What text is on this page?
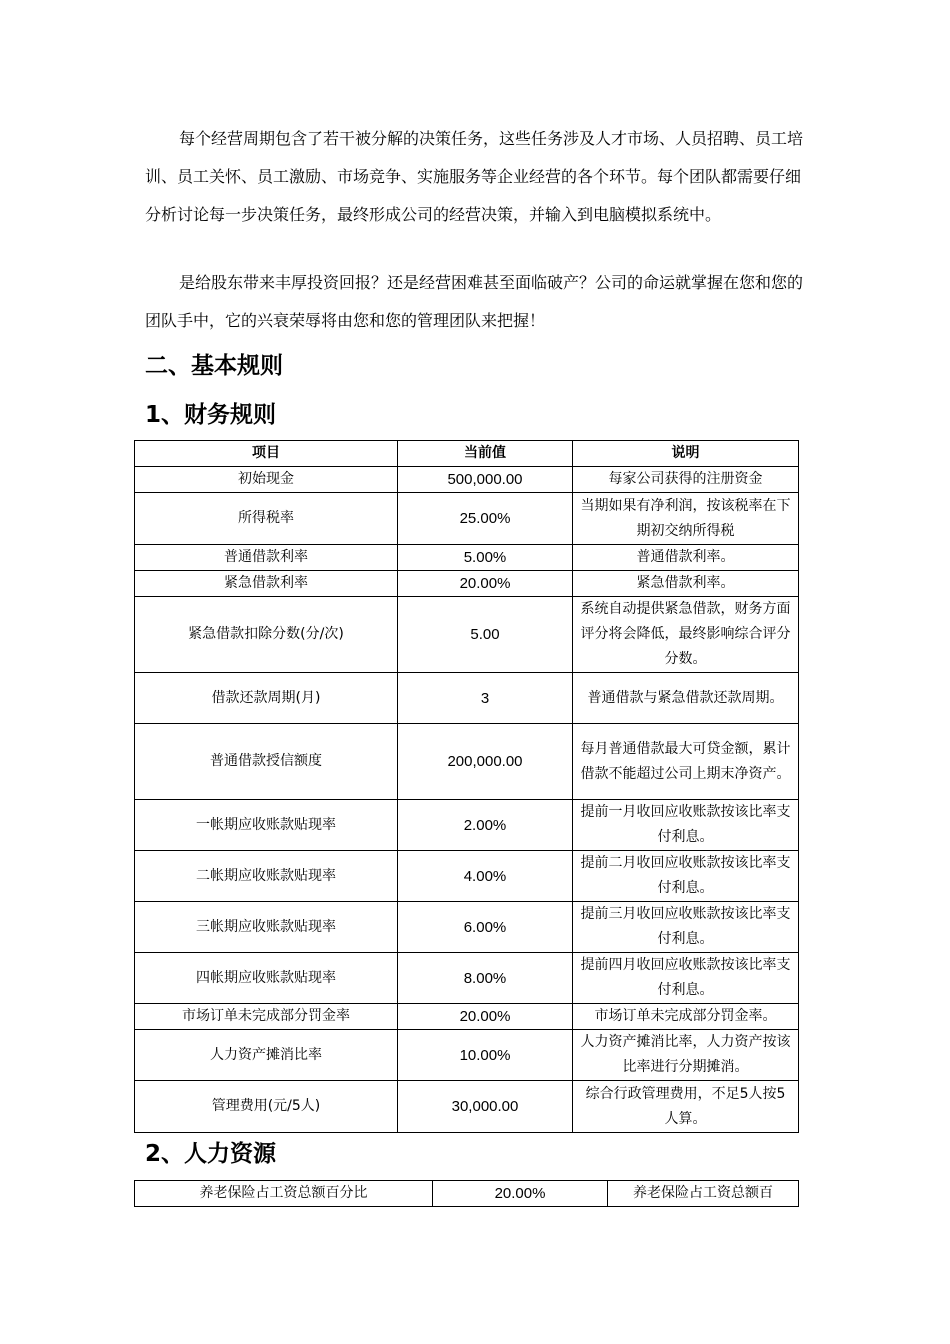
每个经营周期包含了若干被分解的决策任务，这些任务涉及人才市场、人员招聘、员工培训、员工关怀、员工激励、市场竞争、实施服务等企业经营的各个环节。每个团队都需要仔细分析讨论每一步决策任务，最终形成公司的经营决策，并输入到电脑模拟系统中。

是给股东带来丰厚投资回报？还是经营困难甚至面临破产？公司的命运就掌握在您和您的团队手中，它的兴衰荣辱将由您和您的管理团队来把握！

二、基本规则
1、财务规则
项目	当前值	说明
初始现金	500,000.00	每家公司获得的注册资金
所得税率	25.00%	当期如果有净利润，按该税率在下期初交纳所得税
普通借款利率	5.00%	普通借款利率。
紧急借款利率	20.00%	紧急借款利率。
紧急借款扣除分数(分/次)	5.00	系统自动提供紧急借款，财务方面评分将会降低，最终影响综合评分分数。
借款还款周期(月)	3	普通借款与紧急借款还款周期。
普通借款授信额度	200,000.00	每月普通借款最大可贷金额，累计借款不能超过公司上期末净资产。
一帐期应收账款贴现率	2.00%	提前一月收回应收账款按该比率支付利息。
二帐期应收账款贴现率	4.00%	提前二月收回应收账款按该比率支付利息。
三帐期应收账款贴现率	6.00%	提前三月收回应收账款按该比率支付利息。
四帐期应收账款贴现率	8.00%	提前四月收回应收账款按该比率支付利息。
市场订单未完成部分罚金率	20.00%	市场订单未完成部分罚金率。
人力资产摊消比率	10.00%	人力资产摊消比率，人力资产按该比率进行分期摊消。
管理费用(元/5人)	30,000.00	综合行政管理费用，不足5人按5人算。
2、人力资源
养老保险占工资总额百分比	20.00%	养老保险占工资总额百
